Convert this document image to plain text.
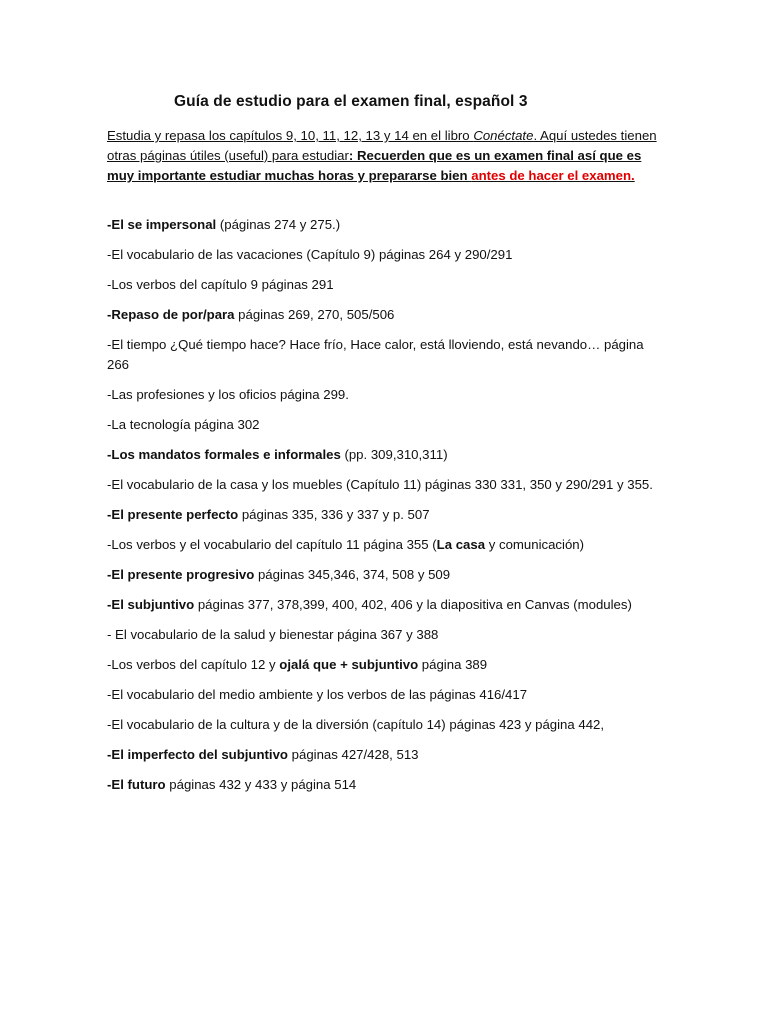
Guía de estudio para el examen final, español 3
Estudia y repasa los capítulos 9, 10, 11, 12, 13 y 14 en el libro Conéctate. Aquí ustedes tienen otras páginas útiles (useful) para estudiar: Recuerden que es un examen final así que es muy importante estudiar muchas horas y prepararse bien antes de hacer el examen.
-El se impersonal (páginas 274 y 275.)
-El vocabulario de las vacaciones (Capítulo 9) páginas 264 y 290/291
-Los verbos del capítulo 9 páginas 291
-Repaso de por/para páginas 269, 270, 505/506
-El tiempo ¿Qué tiempo hace? Hace frío, Hace calor, está lloviendo, está nevando… página 266
-Las profesiones y los oficios página 299.
-La tecnología página 302
-Los mandatos formales e informales (pp. 309,310,311)
-El vocabulario de la casa y los muebles (Capítulo 11) páginas 330 331, 350 y 290/291 y 355.
-El presente perfecto páginas 335, 336 y 337 y p. 507
-Los verbos y el vocabulario del capítulo 11 página 355 (La casa y comunicación)
-El presente progresivo páginas 345,346, 374, 508 y 509
-El subjuntivo páginas 377, 378,399, 400, 402, 406 y la diapositiva en Canvas (modules)
- El vocabulario de la salud y bienestar página 367 y 388
-Los verbos del capítulo 12 y ojalá que + subjuntivo página 389
-El vocabulario del medio ambiente y los verbos de las páginas 416/417
-El vocabulario de la cultura y de la diversión (capítulo 14) páginas 423 y página 442,
-El imperfecto del subjuntivo páginas 427/428, 513
-El futuro páginas 432 y 433 y página 514
